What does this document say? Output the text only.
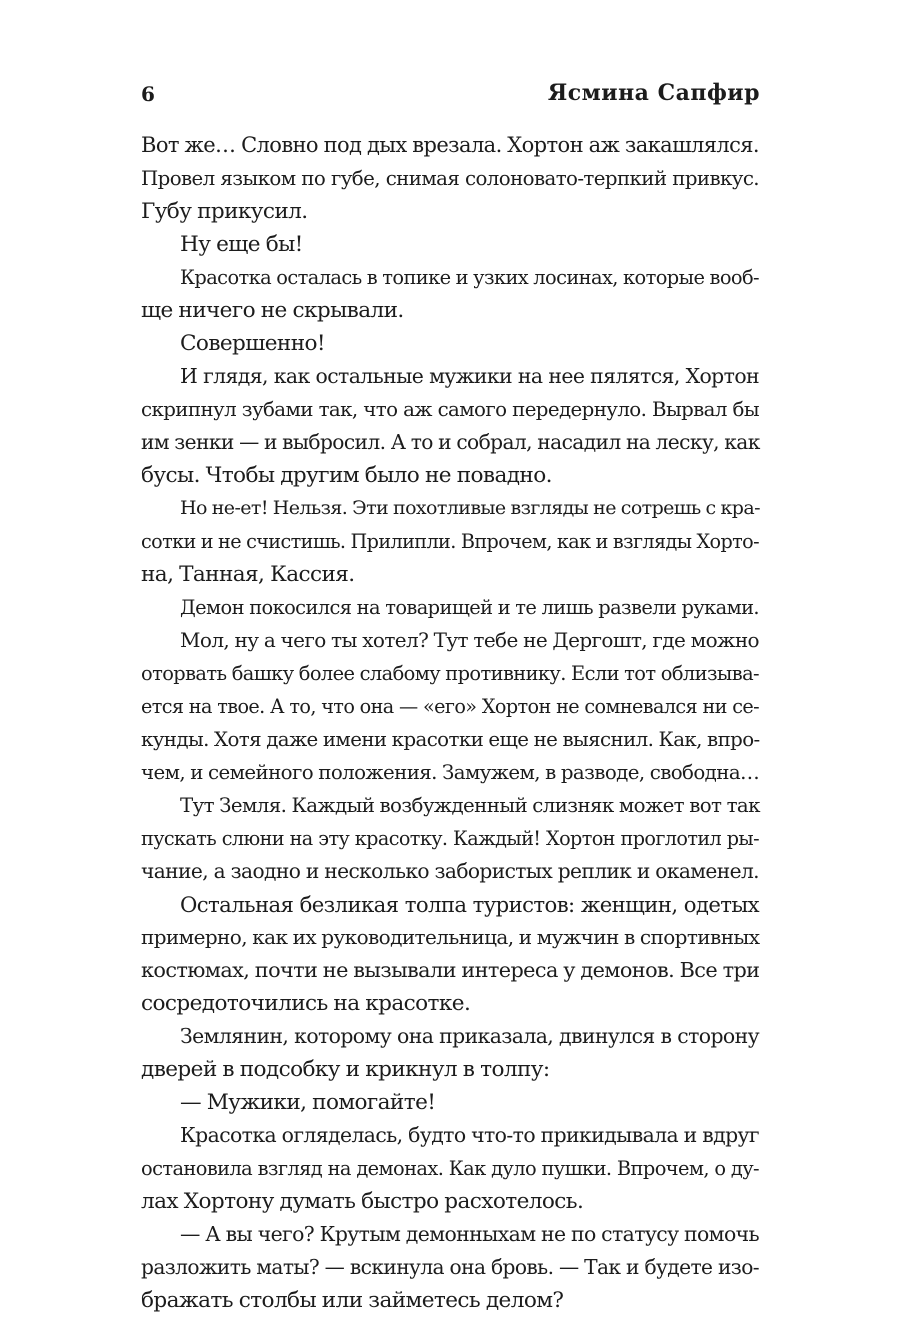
6	Ясмина Сапфир
Вот же… Словно под дых врезала. Хортон аж закашлялся.
Провел языком по губе, снимая солоновато-терпкий привкус.
Губу прикусил.
Ну еще бы!
Красотка осталась в топике и узких лосинах, которые вооб-
ще ничего не скрывали.
Совершенно!
И глядя, как остальные мужики на нее пялятся, Хортон
скрипнул зубами так, что аж самого передернуло. Вырвал бы
им зенки — и выбросил. А то и собрал, насадил на леску, как
бусы. Чтобы другим было не повадно.
Но не-ет! Нельзя. Эти похотливые взгляды не сотрешь с кра-
сотки и не счистишь. Прилипли. Впрочем, как и взгляды Хорто-
на, Танная, Кассия.
Демон покосился на товарищей и те лишь развели руками.
Мол, ну а чего ты хотел? Тут тебе не Дергошт, где можно
оторвать башку более слабому противнику. Если тот облизыва-
ется на твое. А то, что она — «его» Хортон не сомневался ни се-
кунды. Хотя даже имени красотки еще не выяснил. Как, впро-
чем, и семейного положения. Замужем, в разводе, свободна…
Тут Земля. Каждый возбужденный слизняк может вот так
пускать слюни на эту красотку. Каждый! Хортон проглотил ры-
чание, а заодно и несколько забористых реплик и окаменел.
Остальная безликая толпа туристов: женщин, одетых
примерно, как их руководительница, и мужчин в спортивных
костюмах, почти не вызывали интереса у демонов. Все три
сосредоточились на красотке.
Землянин, которому она приказала, двинулся в сторону
дверей в подсобку и крикнул в толпу:
— Мужики, помогайте!
Красотка огляделась, будто что-то прикидывала и вдруг
остановила взгляд на демонах. Как дуло пушки. Впрочем, о ду-
лах Хортону думать быстро расхотелось.
— А вы чего? Крутым демонныхам не по статусу помочь
разложить маты? — вскинула она бровь. — Так и будете изо-
бражать столбы или займетесь делом?
